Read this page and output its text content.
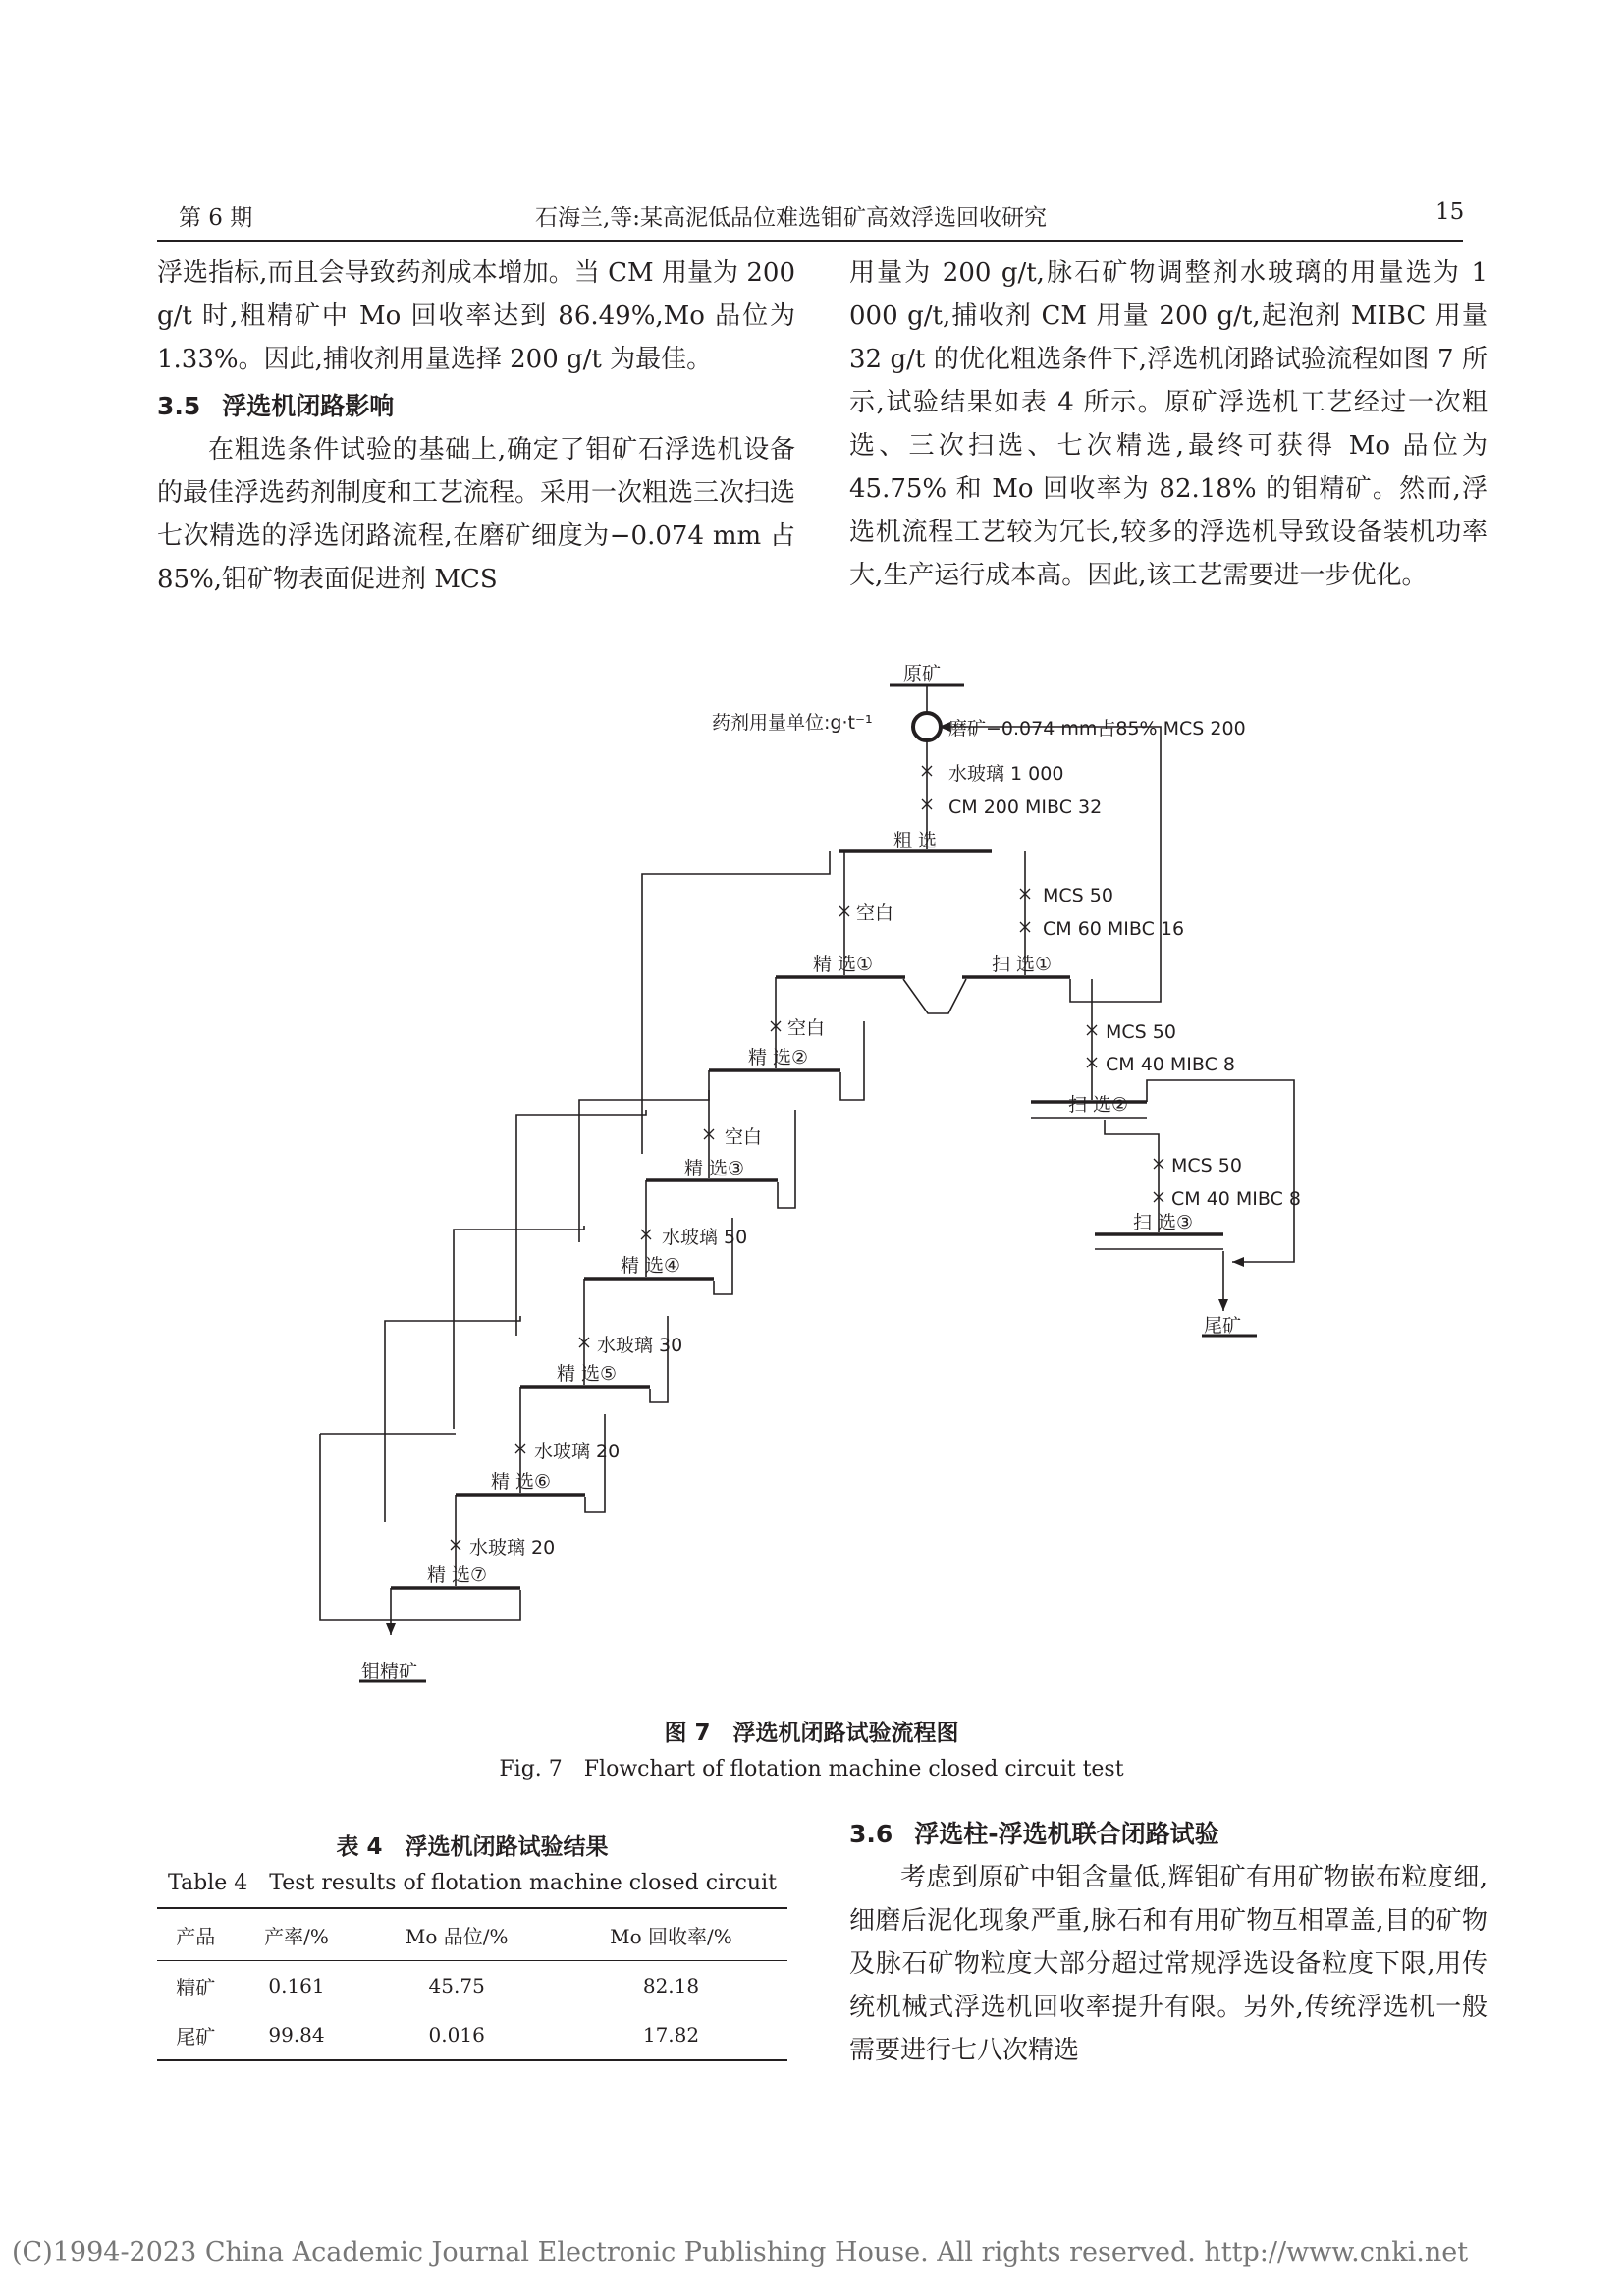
第 6 期	石海兰,等:某高泥低品位难选钼矿高效浮选回收研究	15

浮选指标,而且会导致药剂成本增加。当 CM 用量为 200 g/t 时,粗精矿中 Mo 回收率达到 86.49%,Mo 品位为 1.33%。因此,捕收剂用量选择 200 g/t 为最佳。

3.5 浮选机闭路影响

在粗选条件试验的基础上,确定了钼矿石浮选机设备的最佳浮选药剂制度和工艺流程。采用一次粗选三次扫选七次精选的浮选闭路流程,在磨矿细度为−0.074 mm 占 85%,钼矿物表面促进剂 MCS

用量为 200 g/t,脉石矿物调整剂水玻璃的用量选为 1 000 g/t,捕收剂 CM 用量 200 g/t,起泡剂 MIBC 用量 32 g/t 的优化粗选条件下,浮选机闭路试验流程如图 7 所示,试验结果如表 4 所示。原矿浮选机工艺经过一次粗选、三次扫选、七次精选,最终可获得 Mo 品位为 45.75% 和 Mo 回收率为 82.18% 的钼精矿。然而,浮选机流程工艺较为冗长,较多的浮选机导致设备装机功率大,生产运行成本高。因此,该工艺需要进一步优化。

原矿
药剂用量单位:g·t⁻¹	磨矿−0.074 mm占85% MCS 200
水玻璃 1 000
CM 200 MIBC 32
粗 选
空白
MCS 50
CM 60 MIBC 16
精 选①	扫 选①
空白	MCS 50
CM 40 MIBC 8
精 选②
扫 选②
空白
MCS 50
CM 40 MIBC 8
精 选③
扫 选③
水玻璃 50
精 选④
尾矿
水玻璃 30
精 选⑤
水玻璃 20
精 选⑥
水玻璃 20
精 选⑦
钼精矿
图 7　浮选机闭路试验流程图
Fig. 7　Flowchart of flotation machine closed circuit test
表 4　浮选机闭路试验结果
Table 4　Test results of flotation machine closed circuit
产品	产率/%	Mo 品位/%	Mo 回收率/%
精矿	0.161	45.75	82.18
尾矿	99.84	0.016	17.82

3.6 浮选柱-浮选机联合闭路试验

考虑到原矿中钼含量低,辉钼矿有用矿物嵌布粒度细,细磨后泥化现象严重,脉石和有用矿物互相罩盖,目的矿物及脉石矿物粒度大部分超过常规浮选设备粒度下限,用传统机械式浮选机回收率提升有限。另外,传统浮选机一般需要进行七八次精选

(C)1994-2023 China Academic Journal Electronic Publishing House. All rights reserved. http://www.cnki.net
